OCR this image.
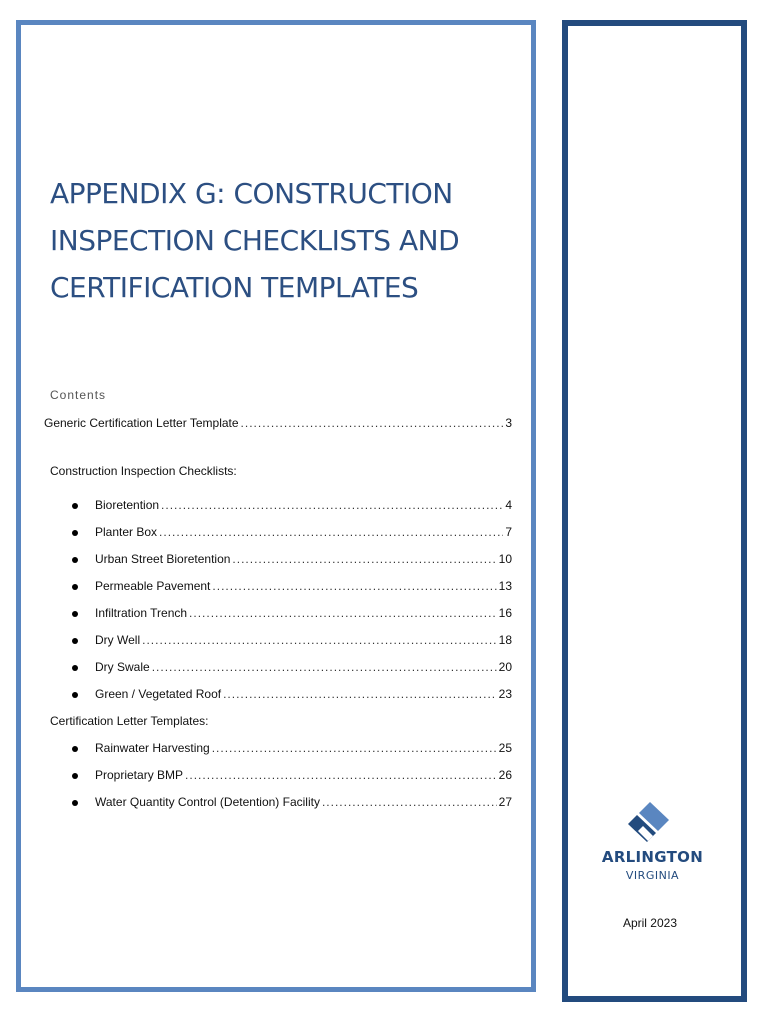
APPENDIX G: CONSTRUCTION
INSPECTION CHECKLISTS AND
CERTIFICATION TEMPLATES
Contents
Generic Certification Letter Template .....	3
Construction Inspection Checklists:
Bioretention .....	4
Planter Box .....	7
Urban Street Bioretention .....	10
Permeable Pavement .....	13
Infiltration Trench .....	16
Dry Well .....	18
Dry Swale .....	20
Green / Vegetated Roof .....	23
Certification Letter Templates:
Rainwater Harvesting .....	25
Proprietary BMP .....	26
Water Quantity Control (Detention) Facility .....	27
ARLINGTON
VIRGINIA
April 2023
